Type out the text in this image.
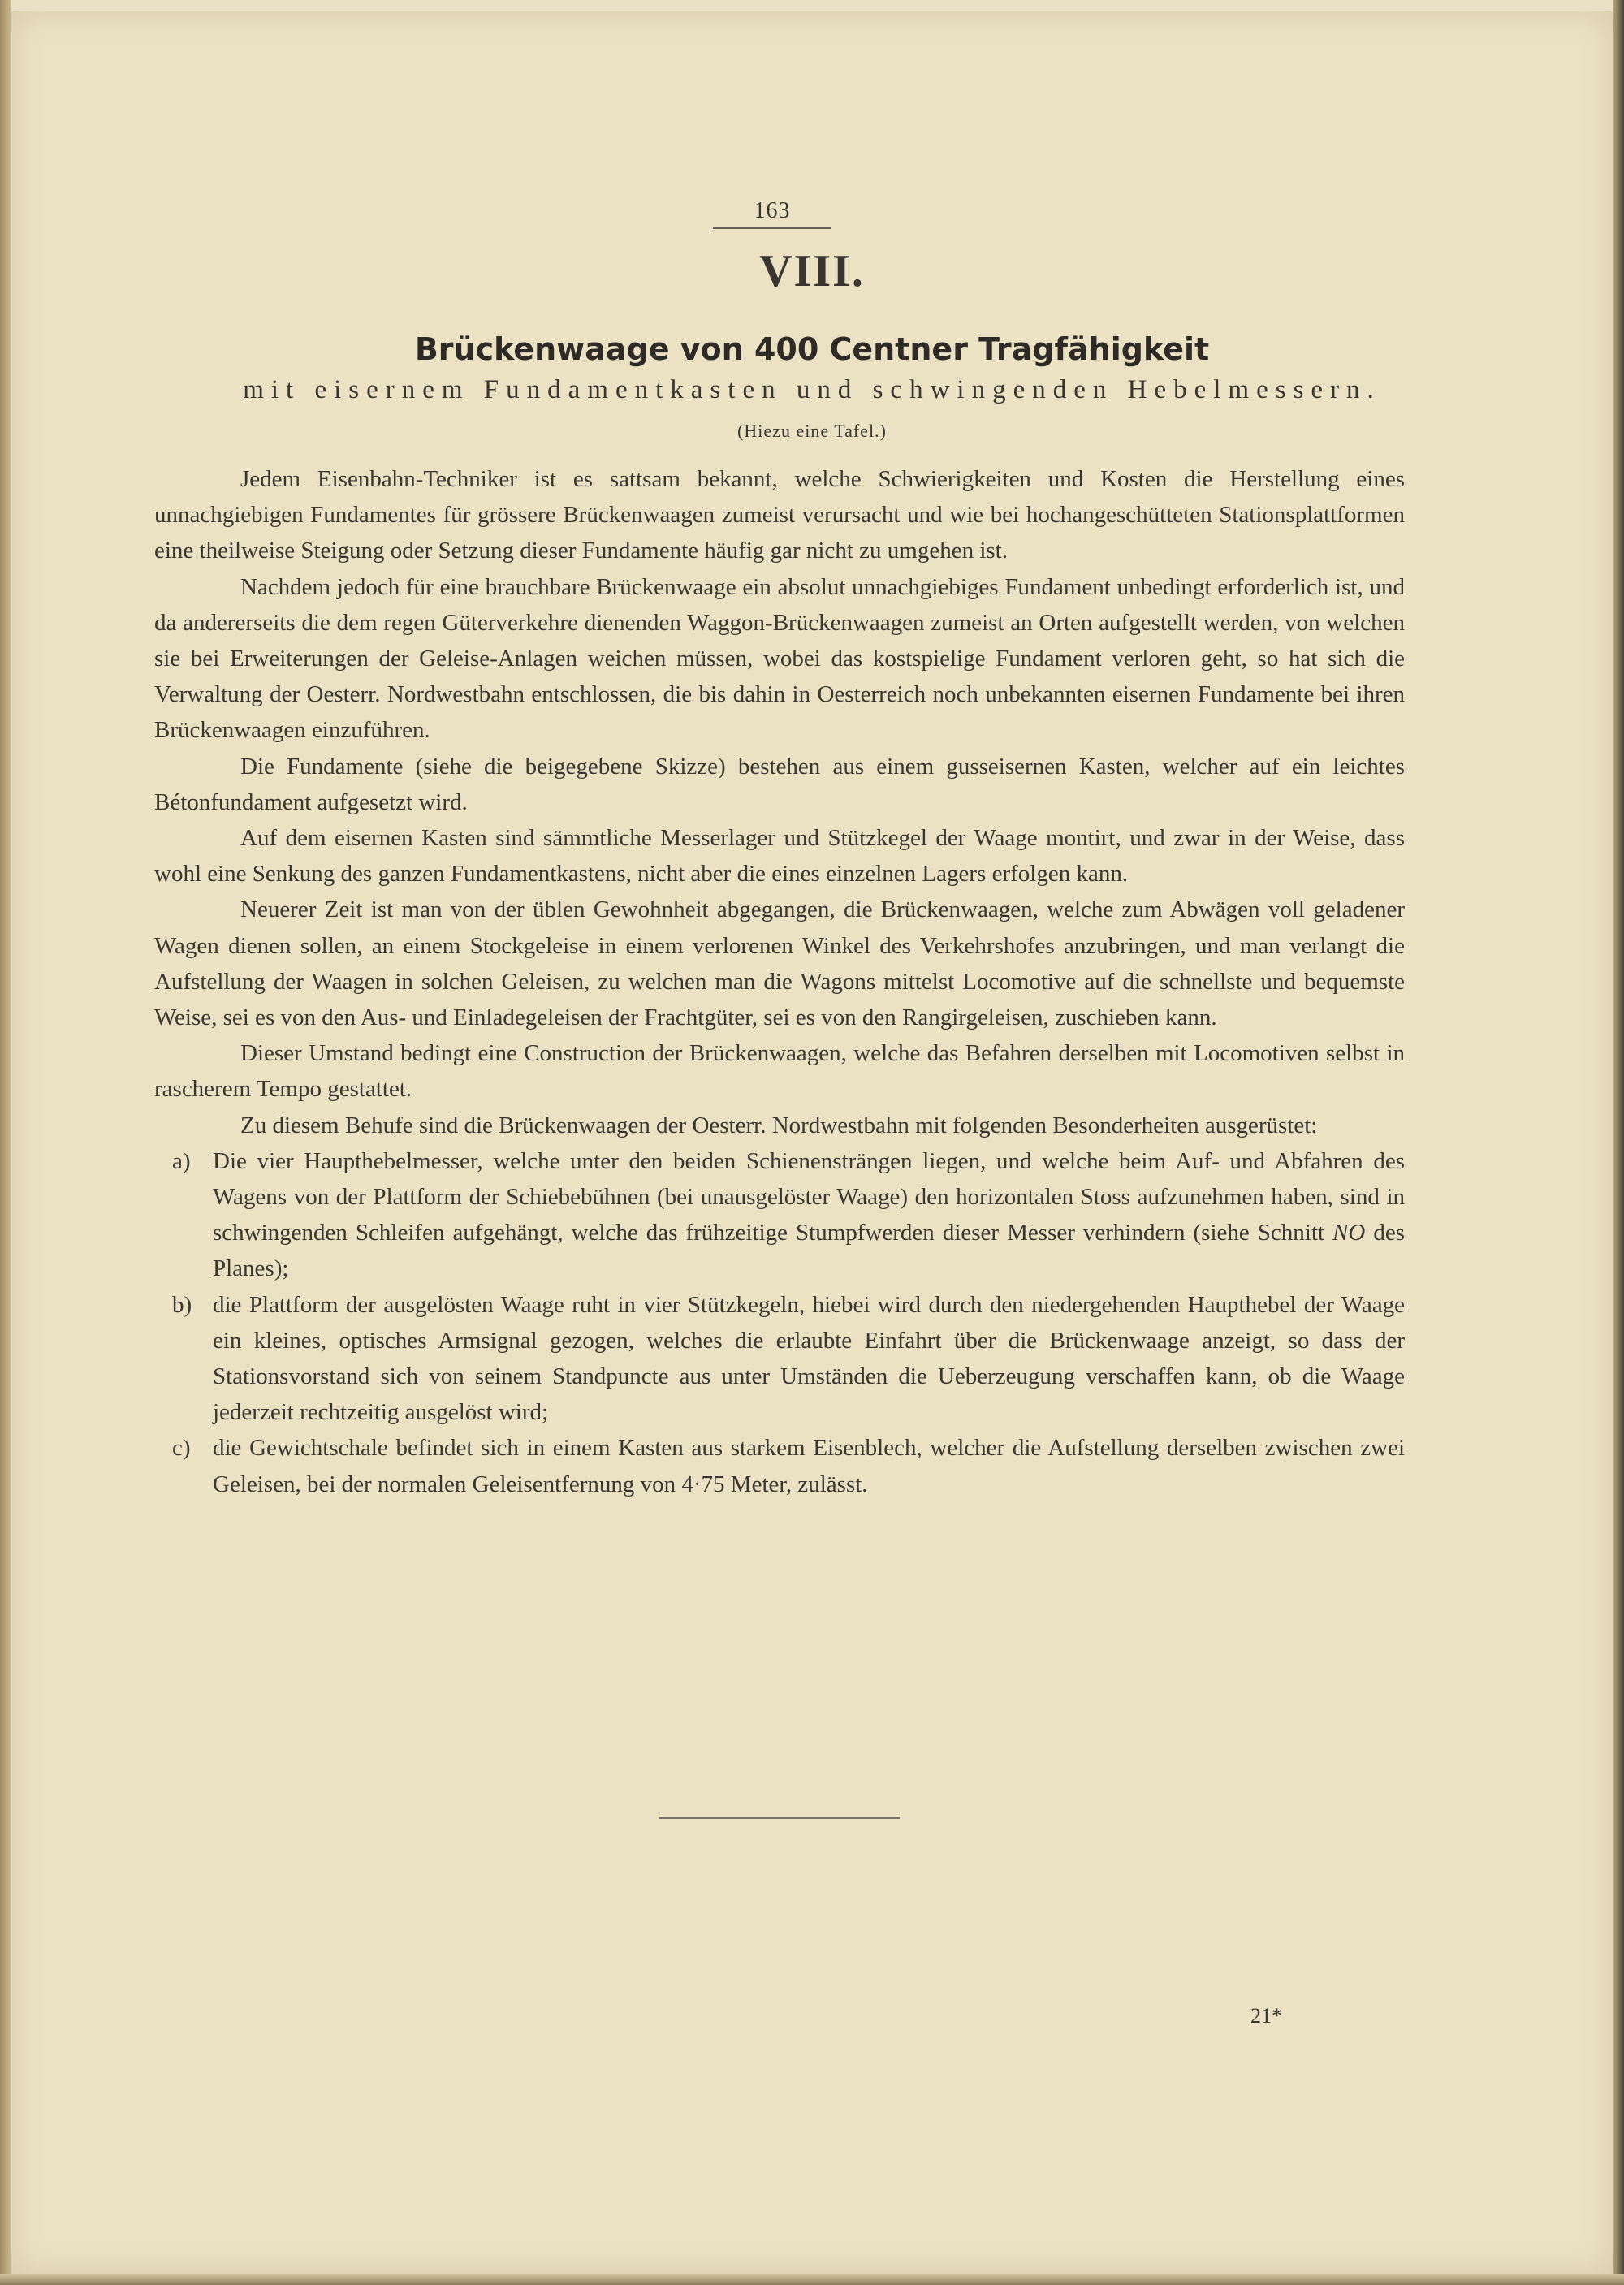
163
VIII.
Brückenwaage von 400 Centner Tragfähigkeit
mit eisernem Fundamentkasten und schwingenden Hebelmessern.
(Hiezu eine Tafel.)

Jedem Eisenbahn-Techniker ist es sattsam bekannt, welche Schwierigkeiten und Kosten die Herstellung eines unnachgiebigen Fundamentes für grössere Brückenwaagen zumeist verursacht und wie bei hochangeschütteten Stationsplattformen eine theilweise Steigung oder Setzung dieser Fundamente häufig gar nicht zu umgehen ist.

Nachdem jedoch für eine brauchbare Brückenwaage ein absolut unnachgiebiges Fundament unbedingt erforderlich ist, und da andererseits die dem regen Güterverkehre dienenden Waggon-Brückenwaagen zumeist an Orten aufgestellt werden, von welchen sie bei Erweiterungen der Geleise-Anlagen weichen müssen, wobei das kostspielige Fundament verloren geht, so hat sich die Verwaltung der Oesterr. Nordwestbahn entschlossen, die bis dahin in Oesterreich noch unbekannten eisernen Fundamente bei ihren Brückenwaagen einzuführen.

Die Fundamente (siehe die beigegebene Skizze) bestehen aus einem gusseisernen Kasten, welcher auf ein leichtes Bétonfundament aufgesetzt wird.

Auf dem eisernen Kasten sind sämmtliche Messerlager und Stützkegel der Waage montirt, und zwar in der Weise, dass wohl eine Senkung des ganzen Fundamentkastens, nicht aber die eines einzelnen Lagers erfolgen kann.

Neuerer Zeit ist man von der üblen Gewohnheit abgegangen, die Brückenwaagen, welche zum Abwägen voll geladener Wagen dienen sollen, an einem Stockgeleise in einem verlorenen Winkel des Verkehrshofes anzubringen, und man verlangt die Aufstellung der Waagen in solchen Geleisen, zu welchen man die Wagons mittelst Locomotive auf die schnellste und bequemste Weise, sei es von den Aus- und Einladegeleisen der Frachtgüter, sei es von den Rangirgeleisen, zuschieben kann.

Dieser Umstand bedingt eine Construction der Brückenwaagen, welche das Befahren derselben mit Locomotiven selbst in rascherem Tempo gestattet.

Zu diesem Behufe sind die Brückenwaagen der Oesterr. Nordwestbahn mit folgenden Besonderheiten ausgerüstet:

a) Die vier Haupthebelmesser, welche unter den beiden Schienensträngen liegen, und welche beim Auf- und Abfahren des Wagens von der Plattform der Schiebebühnen (bei unausgelöster Waage) den horizontalen Stoss aufzunehmen haben, sind in schwingenden Schleifen aufgehängt, welche das frühzeitige Stumpfwerden dieser Messer verhindern (siehe Schnitt NO des Planes);
b) die Plattform der ausgelösten Waage ruht in vier Stützkegeln, hiebei wird durch den niedergehenden Haupthebel der Waage ein kleines, optisches Armsignal gezogen, welches die erlaubte Einfahrt über die Brückenwaage anzeigt, so dass der Stationsvorstand sich von seinem Standpuncte aus unter Umständen die Ueberzeugung verschaffen kann, ob die Waage jederzeit rechtzeitig ausgelöst wird;
c) die Gewichtschale befindet sich in einem Kasten aus starkem Eisenblech, welcher die Aufstellung derselben zwischen zwei Geleisen, bei der normalen Geleisentfernung von 4·75 Meter, zulässt.
21*
